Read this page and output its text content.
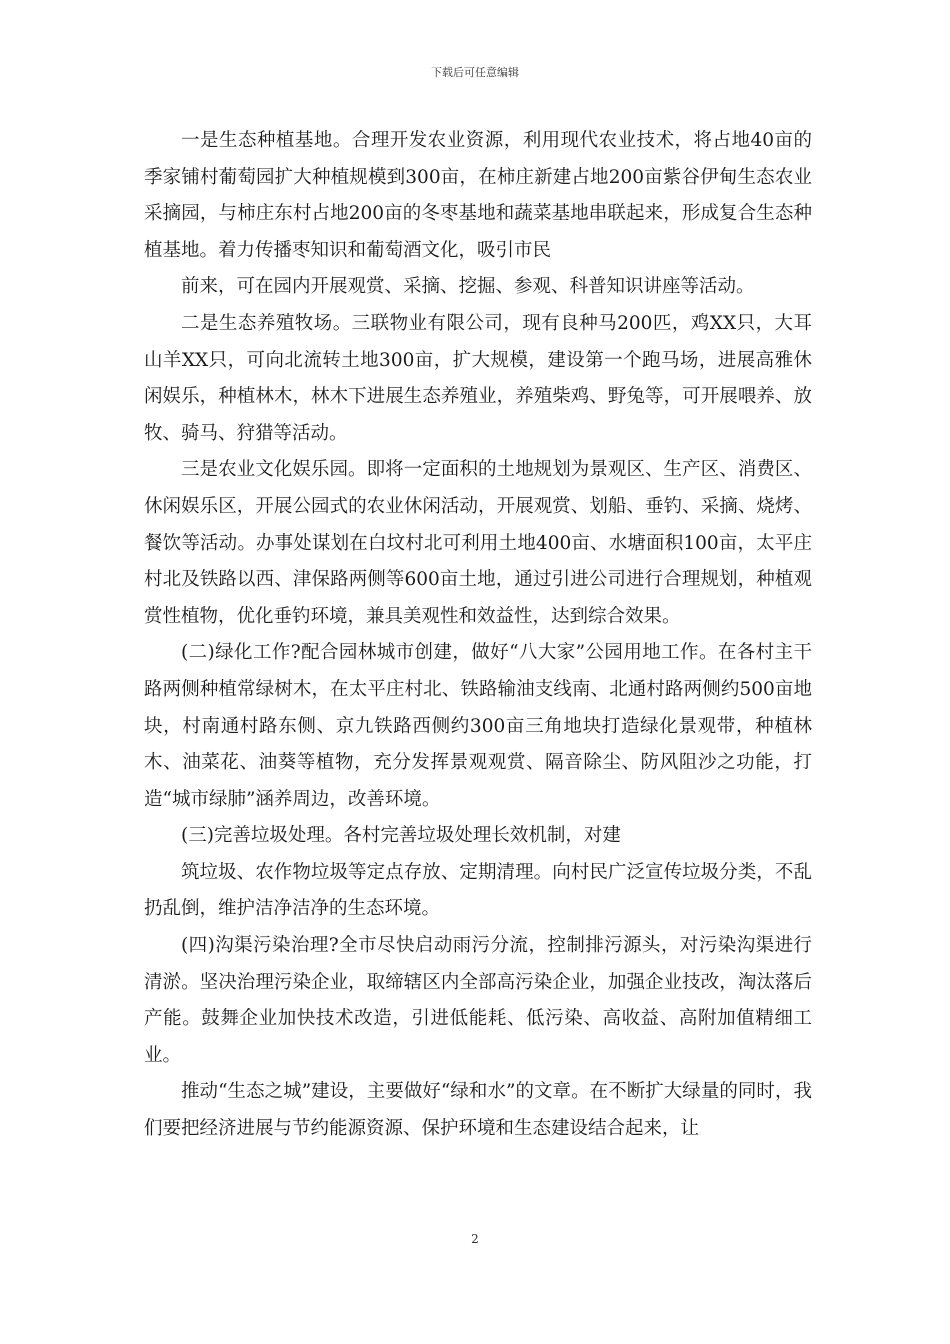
下载后可任意编辑

一是生态种植基地。合理开发农业资源，利用现代农业技术，将占地40亩的季家铺村葡萄园扩大种植规模到300亩，在柿庄新建占地200亩紫谷伊甸生态农业采摘园，与柿庄东村占地200亩的冬枣基地和蔬菜基地串联起来，形成复合生态种植基地。着力传播枣知识和葡萄酒文化，吸引市民

前来，可在园内开展观赏、采摘、挖掘、参观、科普知识讲座等活动。

二是生态养殖牧场。三联物业有限公司，现有良种马200匹，鸡XX只，大耳山羊XX只，可向北流转土地300亩，扩大规模，建设第一个跑马场，进展高雅休闲娱乐，种植林木，林木下进展生态养殖业，养殖柴鸡、野兔等，可开展喂养、放牧、骑马、狩猎等活动。

三是农业文化娱乐园。即将一定面积的土地规划为景观区、生产区、消费区、休闲娱乐区，开展公园式的农业休闲活动，开展观赏、划船、垂钓、采摘、烧烤、餐饮等活动。办事处谋划在白坟村北可利用土地400亩、水塘面积100亩，太平庄村北及铁路以西、津保路两侧等600亩土地，通过引进公司进行合理规划，种植观赏性植物，优化垂钓环境，兼具美观性和效益性，达到综合效果。

(二)绿化工作?配合园林城市创建，做好“八大家”公园用地工作。在各村主干路两侧种植常绿树木，在太平庄村北、铁路输油支线南、北通村路两侧约500亩地块，村南通村路东侧、京九铁路西侧约300亩三角地块打造绿化景观带，种植林木、油菜花、油葵等植物，充分发挥景观观赏、隔音除尘、防风阻沙之功能，打造“城市绿肺”涵养周边，改善环境。

(三)完善垃圾处理。各村完善垃圾处理长效机制，对建

筑垃圾、农作物垃圾等定点存放、定期清理。向村民广泛宣传垃圾分类，不乱扔乱倒，维护洁净洁净的生态环境。

(四)沟渠污染治理?全市尽快启动雨污分流，控制排污源头，对污染沟渠进行清淤。坚决治理污染企业，取缔辖区内全部高污染企业，加强企业技改，淘汰落后产能。鼓舞企业加快技术改造，引进低能耗、低污染、高收益、高附加值精细工业。

推动“生态之城”建设，主要做好“绿和水”的文章。在不断扩大绿量的同时，我们要把经济进展与节约能源资源、保护环境和生态建设结合起来，让

2
